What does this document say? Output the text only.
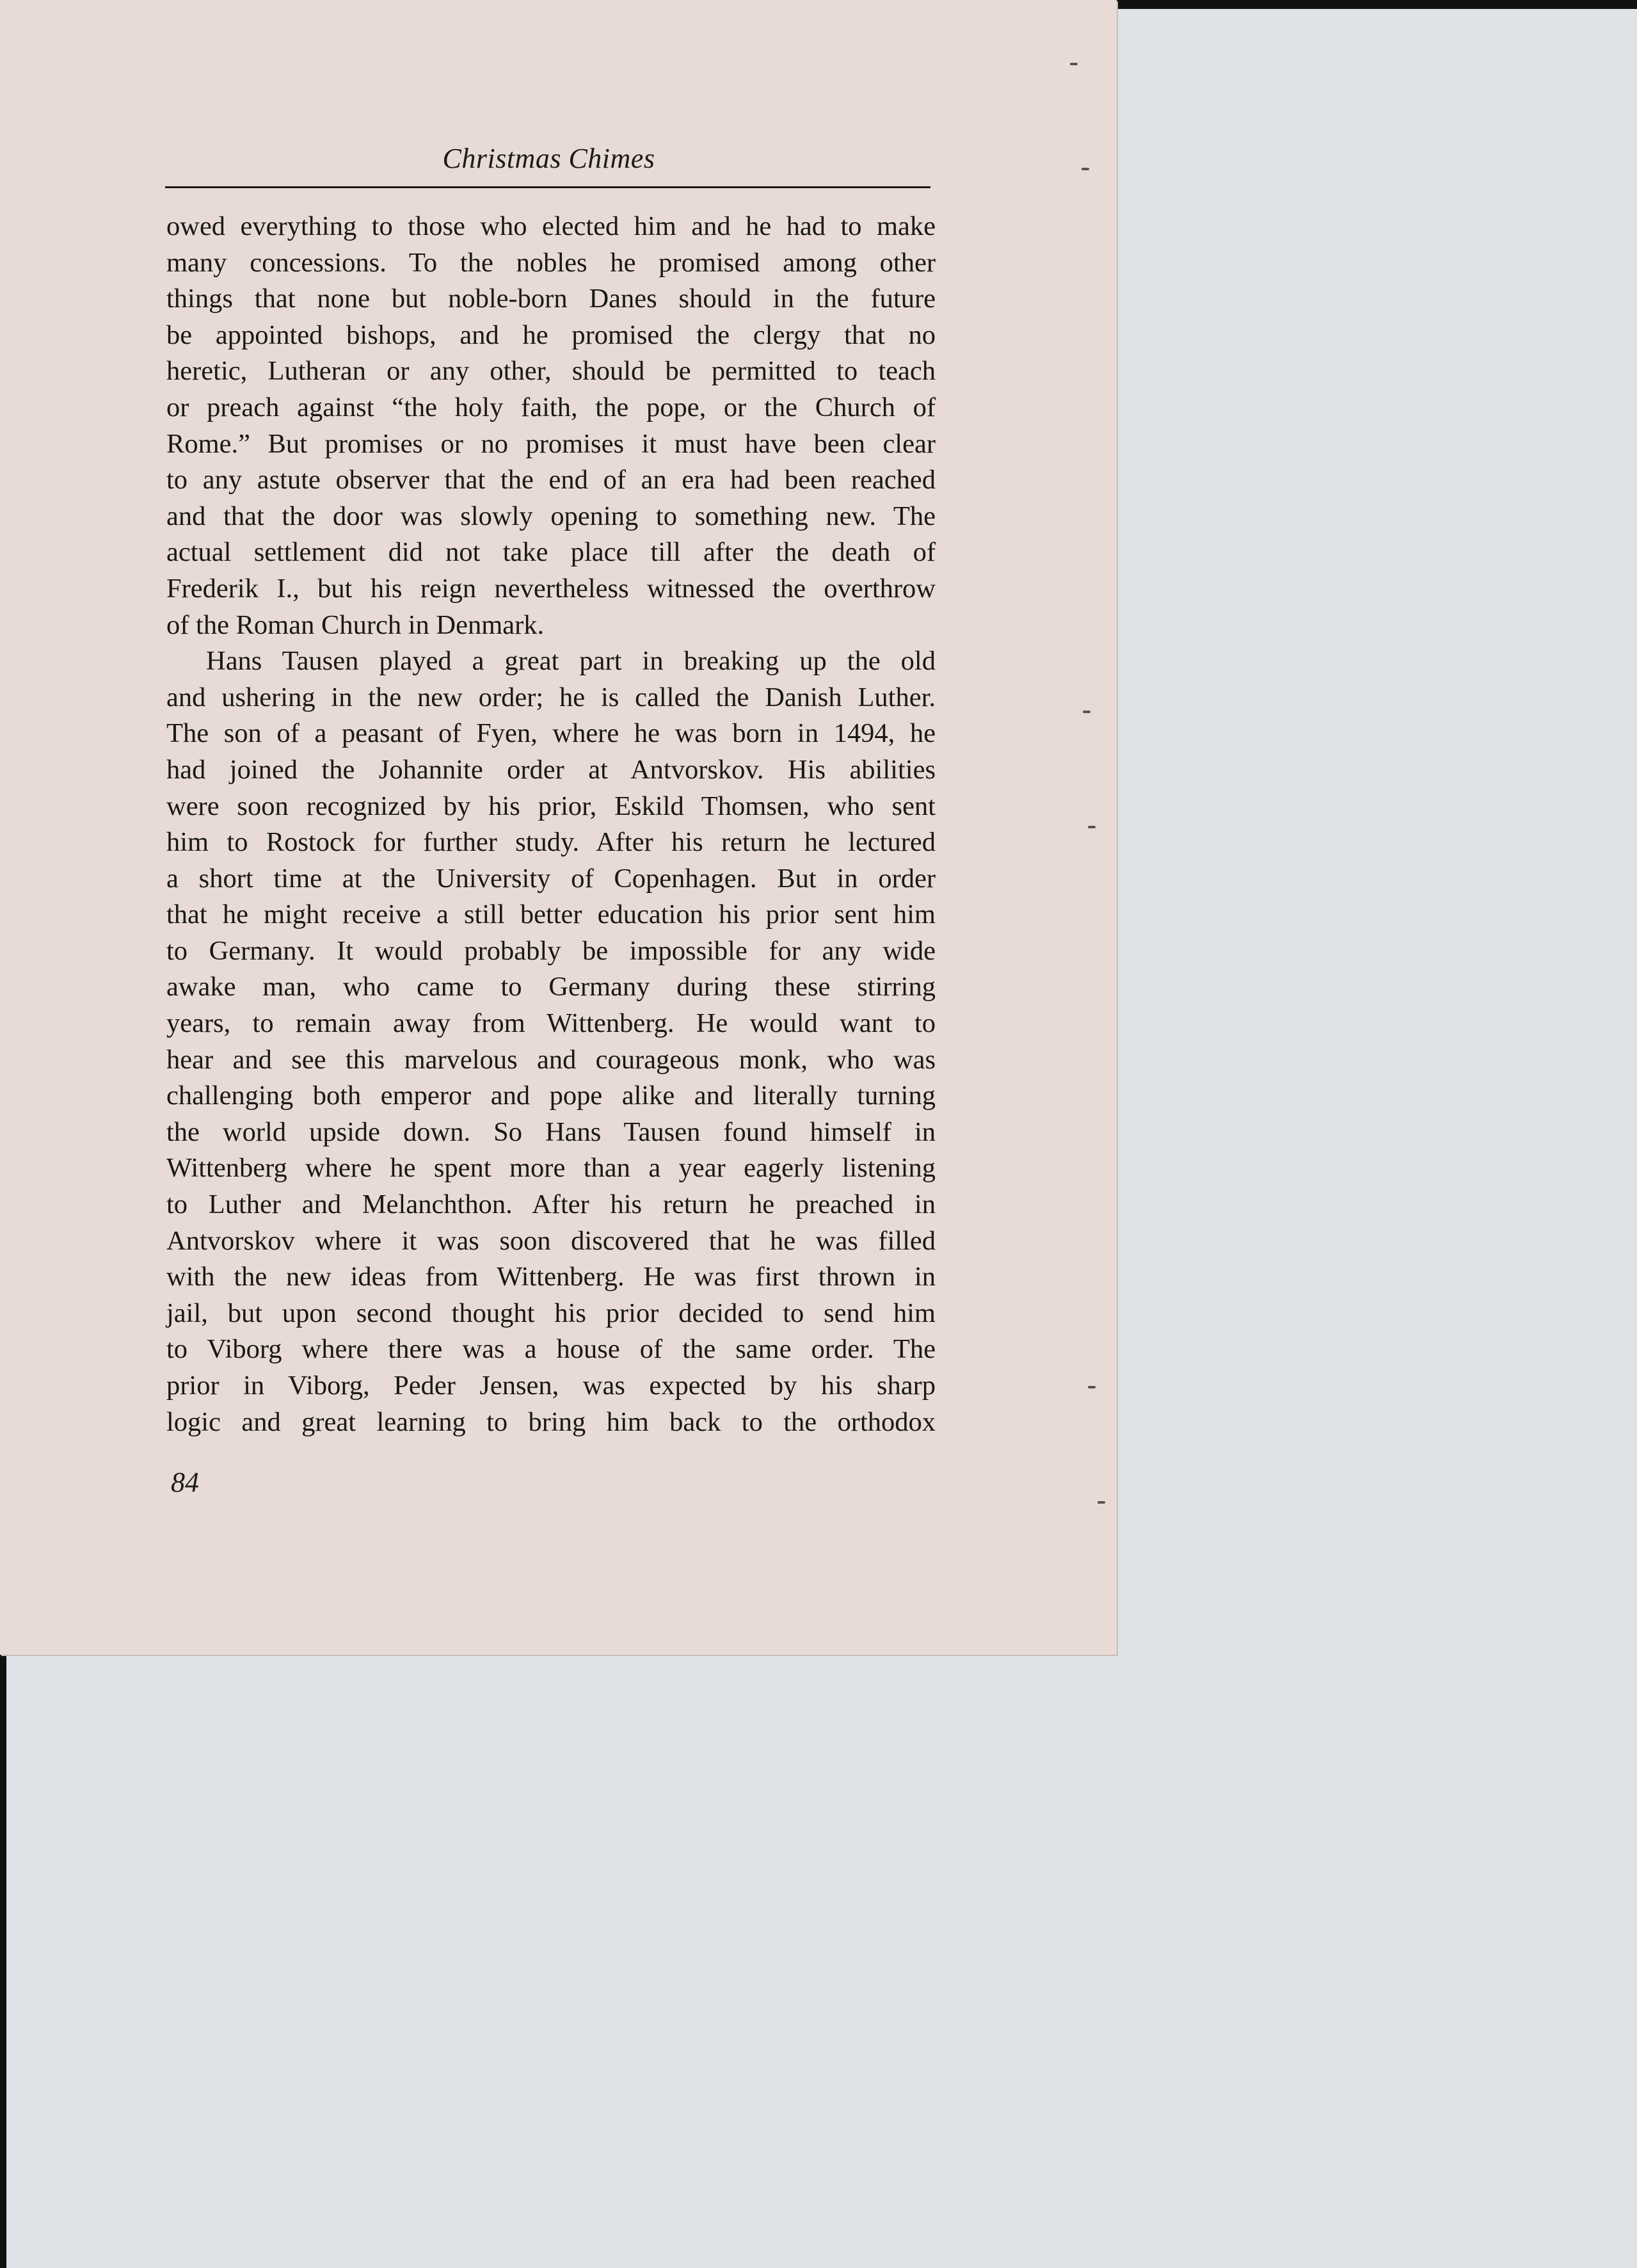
Christmas Chimes
owed everything to those who elected him and he had to make
many concessions. To the nobles he promised among other
things that none but noble-born Danes should in the future
be appointed bishops, and he promised the clergy that no
heretic, Lutheran or any other, should be permitted to teach
or preach against “the holy faith, the pope, or the Church of
Rome.” But promises or no promises it must have been clear
to any astute observer that the end of an era had been reached
and that the door was slowly opening to something new. The
actual settlement did not take place till after the death of
Frederik I., but his reign nevertheless witnessed the overthrow
of the Roman Church in Denmark.
Hans Tausen played a great part in breaking up the old
and ushering in the new order; he is called the Danish Luther.
The son of a peasant of Fyen, where he was born in 1494, he
had joined the Johannite order at Antvorskov. His abilities
were soon recognized by his prior, Eskild Thomsen, who sent
him to Rostock for further study. After his return he lectured
a short time at the University of Copenhagen. But in order
that he might receive a still better education his prior sent him
to Germany. It would probably be impossible for any wide
awake man, who came to Germany during these stirring
years, to remain away from Wittenberg. He would want to
hear and see this marvelous and courageous monk, who was
challenging both emperor and pope alike and literally turning
the world upside down. So Hans Tausen found himself in
Wittenberg where he spent more than a year eagerly listening
to Luther and Melanchthon. After his return he preached in
Antvorskov where it was soon discovered that he was filled
with the new ideas from Wittenberg. He was first thrown in
jail, but upon second thought his prior decided to send him
to Viborg where there was a house of the same order. The
prior in Viborg, Peder Jensen, was expected by his sharp
logic and great learning to bring him back to the orthodox
84
